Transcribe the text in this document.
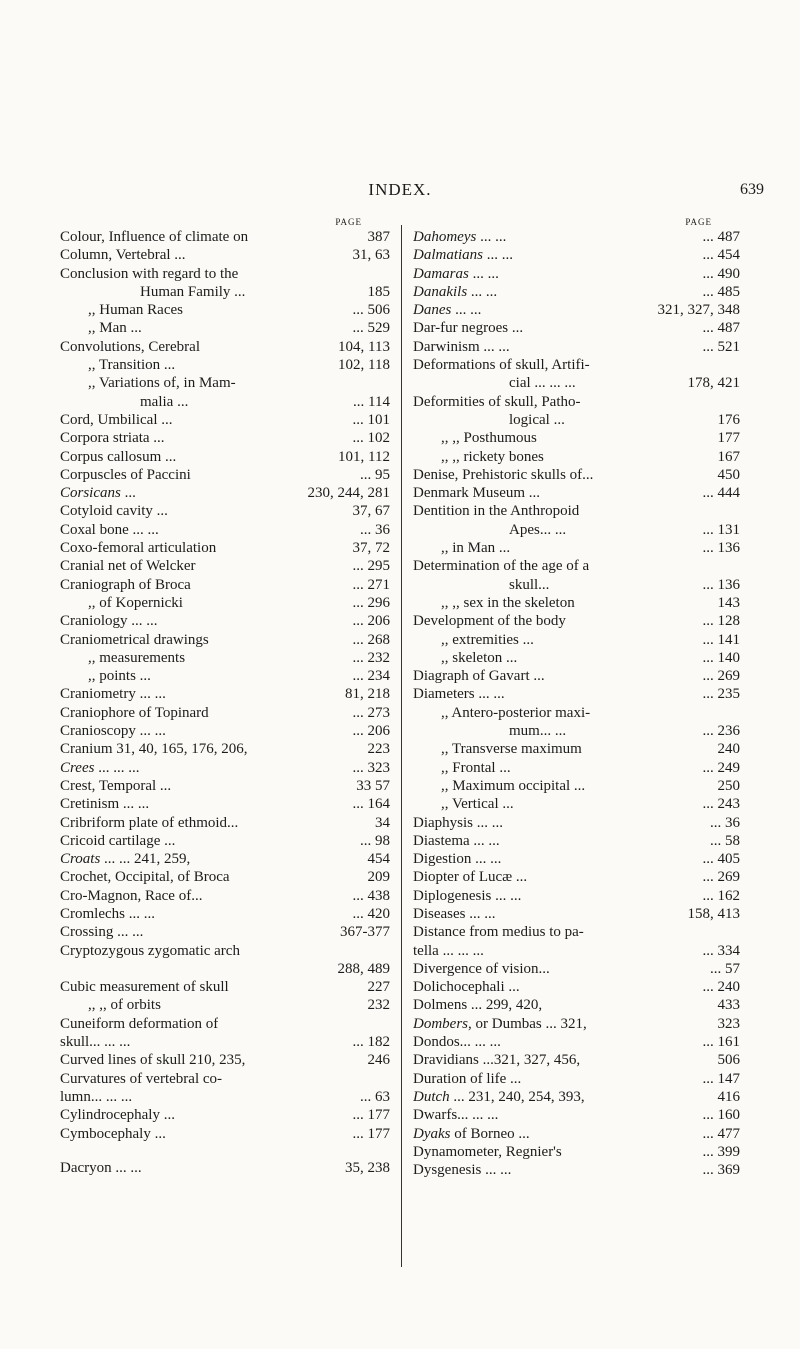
INDEX.	639
PAGE
Colour, Influence of climate on	387
Column, Vertebral ...	31, 63
Conclusion with regard to the
Human Family ...	185
,, Human Races	... 506
,, Man ...	... 529
Convolutions, Cerebral	104, 113
,, Transition ...	102, 118
,, Variations of, in Mam-
malia ...	... 114
Cord, Umbilical ...	... 101
Corpora striata ...	... 102
Corpus callosum ...	101, 112
Corpuscles of Paccini	... 95
Corsicans ...	230, 244, 281
Cotyloid cavity ...	37, 67
Coxal bone ... ...	... 36
Coxo-femoral articulation	37, 72
Cranial net of Welcker	... 295
Craniograph of Broca	... 271
,, of Kopernicki	... 296
Craniology ... ...	... 206
Craniometrical drawings	... 268
,, measurements	... 232
,, points ...	... 234
Craniometry ... ...	81, 218
Craniophore of Topinard	... 273
Cranioscopy ... ...	... 206
Cranium 31, 40, 165, 176, 206,	223
Crees ... ... ...	... 323
Crest, Temporal ...	33 57
Cretinism ... ...	... 164
Cribriform plate of ethmoid...	34
Cricoid cartilage ...	... 98
Croats ... ... 241, 259,	454
Crochet, Occipital, of Broca	209
Cro-Magnon, Race of...	... 438
Cromlechs ... ...	... 420
Crossing ... ...	367-377
Cryptozygous zygomatic arch
288, 489
Cubic measurement of skull	227
,, ,, of orbits	232
Cuneiform deformation of
skull... ... ...	... 182
Curved lines of skull 210, 235,	246
Curvatures of vertebral co-
lumn... ... ...	... 63
Cylindrocephaly ...	... 177
Cymbocephaly ...	... 177
Dacryon ... ...	35, 238
PAGE
Dahomeys ... ...	... 487
Dalmatians ... ...	... 454
Damaras ... ...	... 490
Danakils ... ...	... 485
Danes ... ...	321, 327, 348
Dar-fur negroes ...	... 487
Darwinism ... ...	... 521
Deformations of skull, Artifi-
cial ... ... ...	178, 421
Deformities of skull, Patho-
logical ...	176
,, ,, Posthumous	177
,, ,, rickety bones	167
Denise, Prehistoric skulls of...	450
Denmark Museum ...	... 444
Dentition in the Anthropoid
Apes... ...	... 131
,, in Man ...	... 136
Determination of the age of a
skull...	... 136
,, ,, sex in the skeleton	143
Development of the body	... 128
,, extremities ...	... 141
,, skeleton ...	... 140
Diagraph of Gavart ...	... 269
Diameters ... ...	... 235
,, Antero-posterior maxi-
mum... ...	... 236
,, Transverse maximum	240
,, Frontal ...	... 249
,, Maximum occipital ...	250
,, Vertical ...	... 243
Diaphysis ... ...	... 36
Diastema ... ...	... 58
Digestion ... ...	... 405
Diopter of Lucæ ...	... 269
Diplogenesis ... ...	... 162
Diseases ... ...	158, 413
Distance from medius to pa-
tella ... ... ...	... 334
Divergence of vision...	... 57
Dolichocephali ...	... 240
Dolmens ... 299, 420,	433
Dombers, or Dumbas ... 321,	323
Dondos... ... ...	... 161
Dravidians ...321, 327, 456,	506
Duration of life ...	... 147
Dutch ... 231, 240, 254, 393,	416
Dwarfs... ... ...	... 160
Dyaks of Borneo ...	... 477
Dynamometer, Regnier's	... 399
Dysgenesis ... ...	... 369
